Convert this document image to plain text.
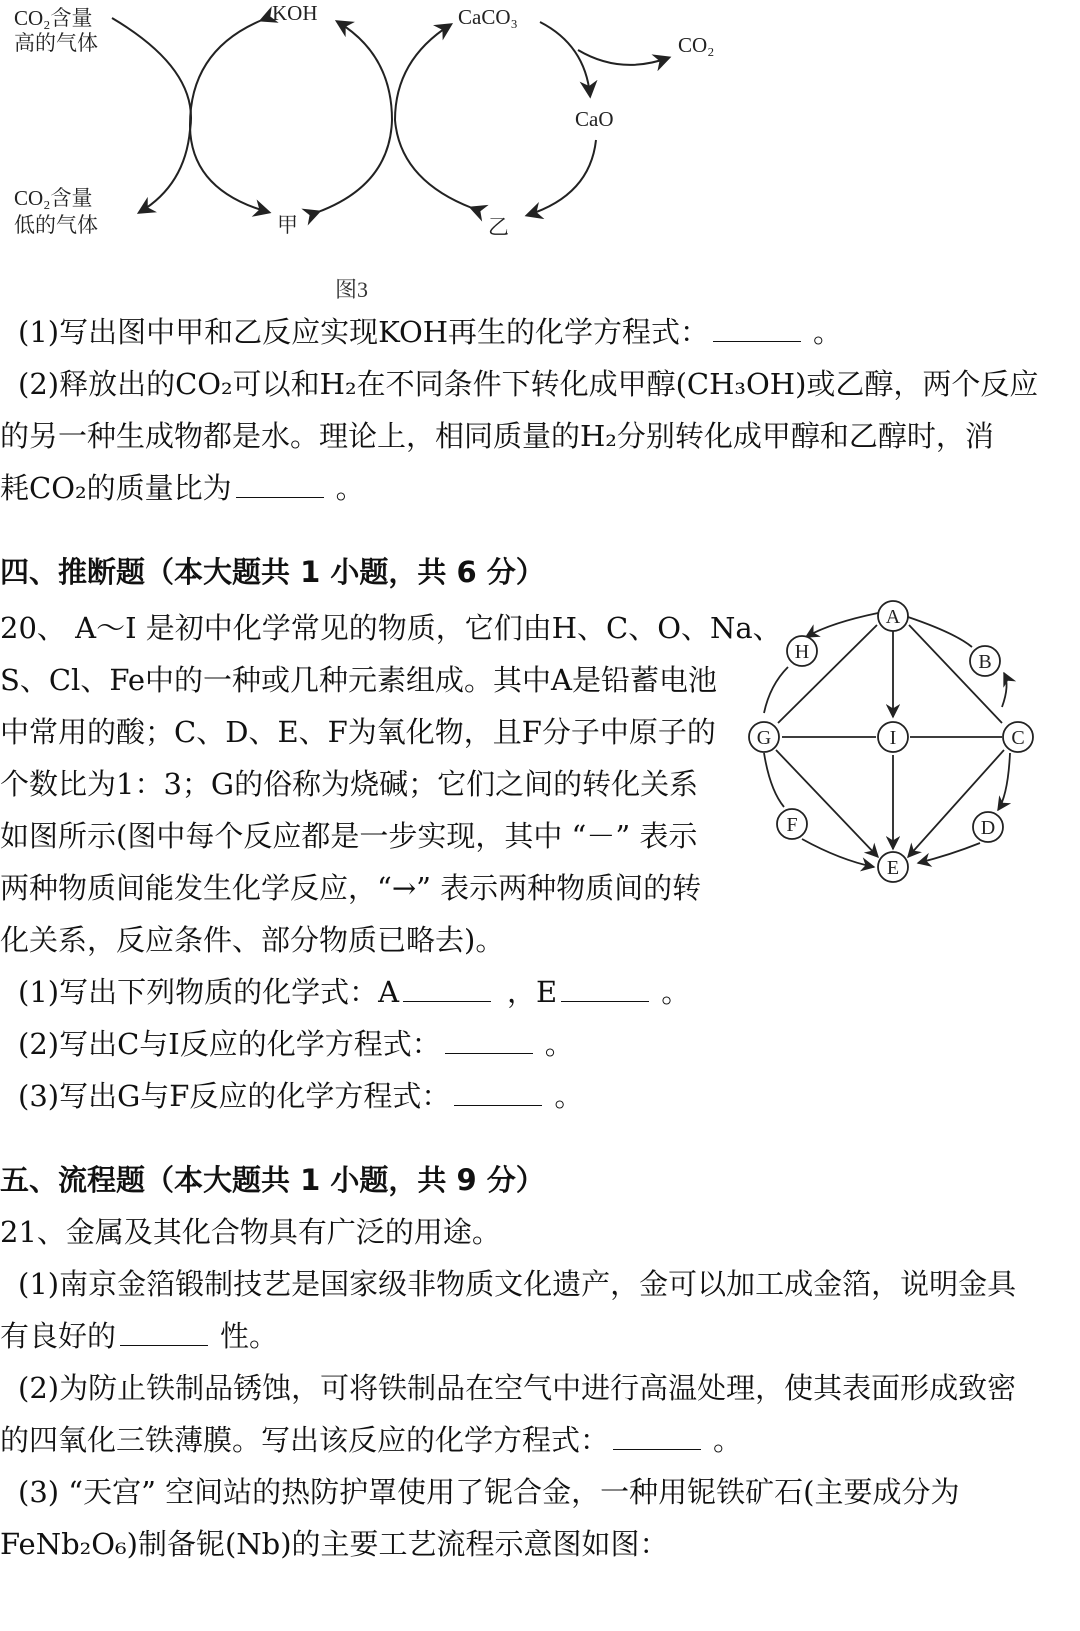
CO₂含量
高的气体
CO₂含量
低的气体
KOH	CaCO₃
CO₂
CaO
甲	乙
图3
(1)写出图中甲和乙反应实现KOH再生的化学方程式：	。
(2)释放出的CO₂可以和H₂在不同条件下转化成甲醇(CH₃OH)或乙醇，两个反应
的另一种生成物都是水。理论上，相同质量的H₂分别转化成甲醇和乙醇时，消
耗CO₂的质量比为	。
四、推断题（本大题共 1 小题，共 6 分）
20、 A～I 是初中化学常见的物质，它们由H、C、O、Na、
S、Cl、Fe中的一种或几种元素组成。其中A是铅蓄电池
中常用的酸；C、D、E、F为氧化物，且F分子中原子的
个数比为1：3；G的俗称为烧碱；它们之间的转化关系
如图所示(图中每个反应都是一步实现，其中 “－” 表示
两种物质间能发生化学反应，“→” 表示两种物质间的转
化关系，反应条件、部分物质已略去)。
A
B
C
D
E
F
G
H
I
(1)写出下列物质的化学式：A	，E	。
(2)写出C与I反应的化学方程式：	。
(3)写出G与F反应的化学方程式：	。
五、流程题（本大题共 1 小题，共 9 分）
21、金属及其化合物具有广泛的用途。
(1)南京金箔锻制技艺是国家级非物质文化遗产，金可以加工成金箔，说明金具
有良好的	性。
(2)为防止铁制品锈蚀，可将铁制品在空气中进行高温处理，使其表面形成致密
的四氧化三铁薄膜。写出该反应的化学方程式：	。
(3) “天宫” 空间站的热防护罩使用了铌合金，一种用铌铁矿石(主要成分为
FeNb₂O₆)制备铌(Nb)的主要工艺流程示意图如图：
